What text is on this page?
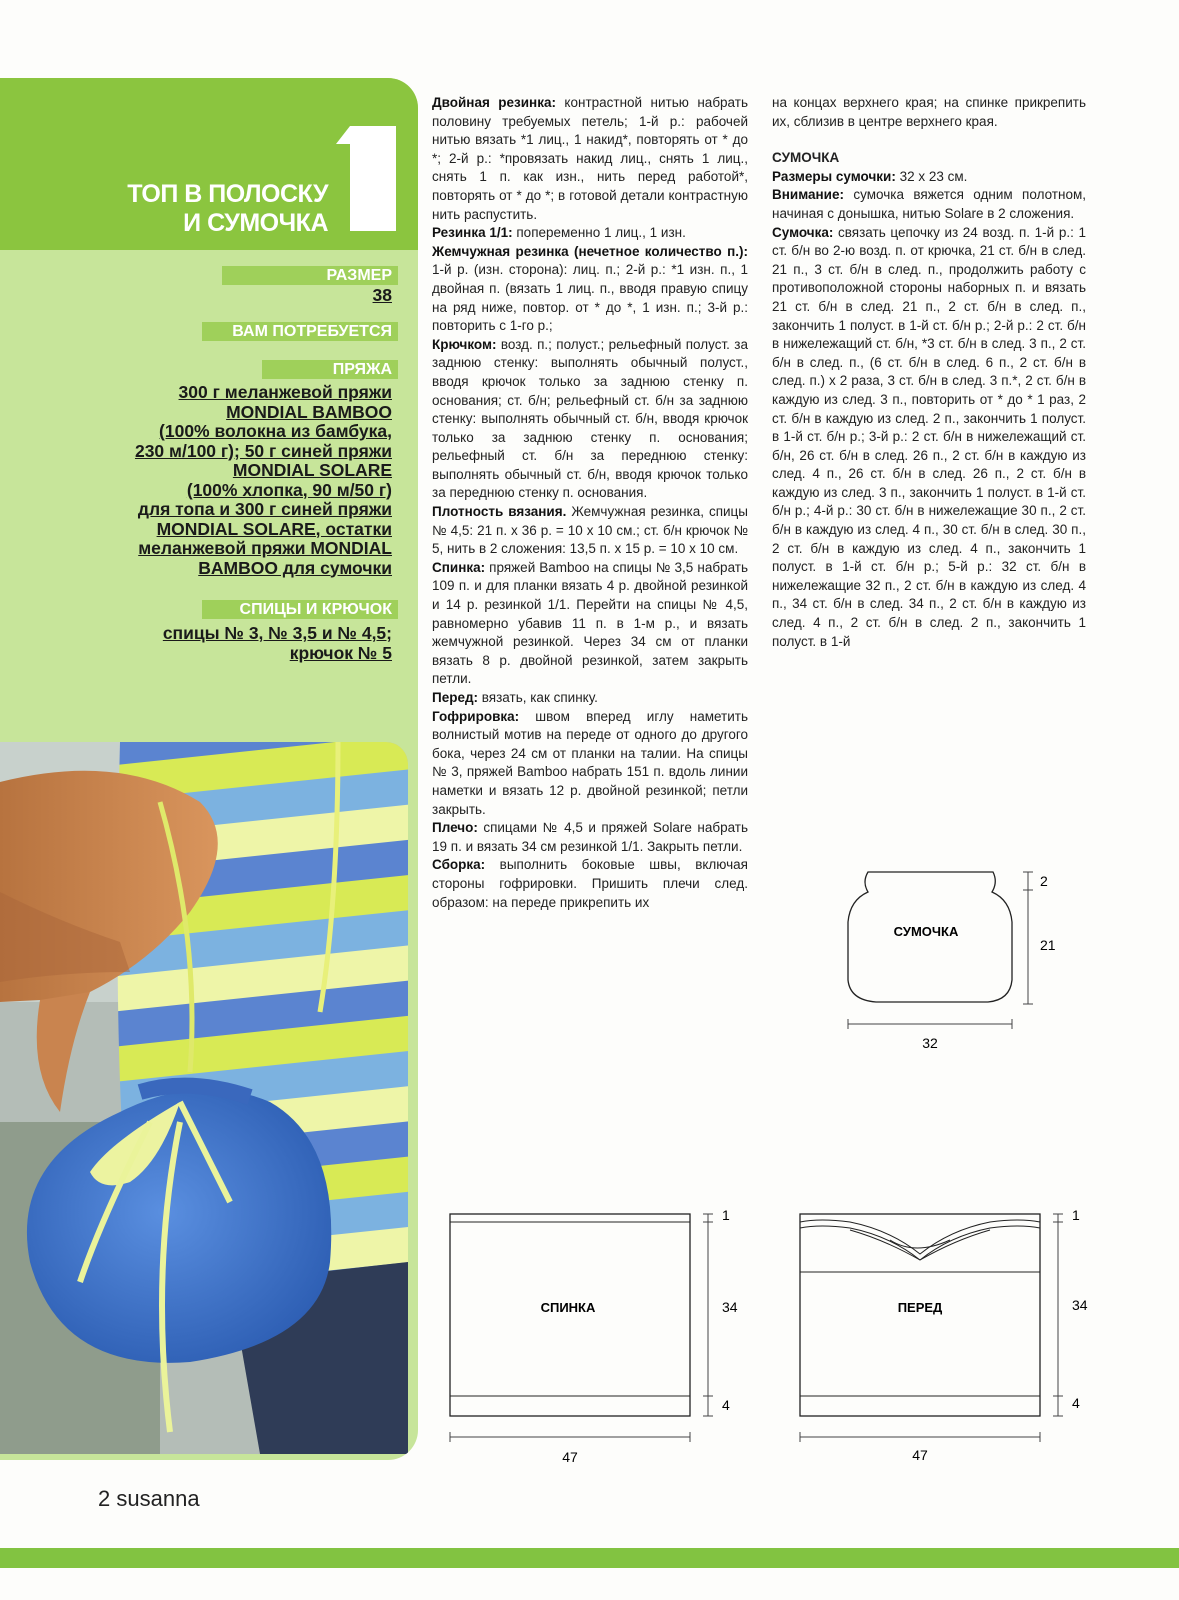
ТОП В ПОЛОСКУ
И СУМОЧКА
РАЗМЕР
38
ВАМ ПОТРЕБУЕТСЯ
ПРЯЖА
300 г меланжевой пряжи
MONDIAL BAMBOO
(100% волокна из бамбука,
230 м/100 г); 50 г синей пряжи
MONDIAL SOLARE
(100% хлопка, 90 м/50 г)
для топа и 300 г синей пряжи
MONDIAL SOLARE, остатки
меланжевой пряжи MONDIAL
BAMBOO для сумочки
СПИЦЫ И КРЮЧОК
спицы № 3, № 3,5 и № 4,5;
крючок № 5

Двойная резинка: контрастной нитью набрать половину требуемых петель; 1-й р.: рабочей нитью вязать *1 лиц., 1 накид*, повторять от * до *; 2-й р.: *провязать накид лиц., снять 1 лиц., снять 1 п. как изн., нить перед работой*, повторять от * до *; в готовой детали контрастную нить распустить.

Резинка 1/1: попеременно 1 лиц., 1 изн.

Жемчужная резинка (нечетное количество п.): 1-й р. (изн. сторона): лиц. п.; 2-й р.: *1 изн. п., 1 двойная п. (вязать 1 лиц. п., вводя правую спицу на ряд ниже, повтор. от * до *, 1 изн. п.; 3-й р.: повторить с 1-го р.;

Крючком: возд. п.; полуст.; рельефный полуст. за заднюю стенку: выполнять обычный полуст., вводя крючок только за заднюю стенку п. основания; ст. б/н; рельефный ст. б/н за заднюю стенку: выполнять обычный ст. б/н, вводя крючок только за заднюю стенку п. основания; рельефный ст. б/н за переднюю стенку: выполнять обычный ст. б/н, вводя крючок только за переднюю стенку п. основания.

Плотность вязания. Жемчужная резинка, спицы № 4,5: 21 п. х 36 р. = 10 х 10 см.; ст. б/н крючок № 5, нить в 2 сложения: 13,5 п. х 15 р. = 10 х 10 см.

Спинка: пряжей Bamboo на спицы № 3,5 набрать 109 п. и для планки вязать 4 р. двойной резинкой и 14 р. резинкой 1/1. Перейти на спицы № 4,5, равномерно убавив 11 п. в 1-м р., и вязать жемчужной резинкой. Через 34 см от планки вязать 8 р. двойной резинкой, затем закрыть петли.

Перед: вязать, как спинку.

Гофрировка: швом вперед иглу наметить волнистый мотив на переде от одного до другого бока, через 24 см от планки на талии. На спицы № 3, пряжей Bamboo набрать 151 п. вдоль линии наметки и вязать 12 р. двойной резинкой; петли закрыть.

Плечо: спицами № 4,5 и пряжей Solare набрать 19 п. и вязать 34 см резинкой 1/1. Закрыть петли.

Сборка: выполнить боковые швы, включая стороны гофрировки. Пришить плечи след. образом: на переде прикрепить их

на концах верхнего края; на спинке прикрепить их, сблизив в центре верхнего края.

СУМОЧКА

Размеры сумочки: 32 х 23 см.

Внимание: сумочка вяжется одним полотном, начиная с донышка, нитью Solare в 2 сложения.

Сумочка: связать цепочку из 24 возд. п. 1-й р.: 1 ст. б/н во 2-ю возд. п. от крючка, 21 ст. б/н в след. 21 п., 3 ст. б/н в след. п., продолжить работу с противоположной стороны наборных п. и вязать 21 ст. б/н в след. 21 п., 2 ст. б/н в след. п., закончить 1 полуст. в 1-й ст. б/н р.; 2-й р.: 2 ст. б/н в нижележащий ст. б/н, *3 ст. б/н в след. 3 п., 2 ст. б/н в след. п., (6 ст. б/н в след. 6 п., 2 ст. б/н в след. п.) х 2 раза, 3 ст. б/н в след. 3 п.*, 2 ст. б/н в каждую из след. 3 п., повторить от * до * 1 раз, 2 ст. б/н в каждую из след. 2 п., закончить 1 полуст. в 1-й ст. б/н р.; 3-й р.: 2 ст. б/н в нижележащий ст. б/н, 26 ст. б/н в след. 26 п., 2 ст. б/н в каждую из след. 4 п., 26 ст. б/н в след. 26 п., 2 ст. б/н в каждую из след. 3 п., закончить 1 полуст. в 1-й ст. б/н р.; 4-й р.: 30 ст. б/н в нижележащие 30 п., 2 ст. б/н в каждую из след. 4 п., 30 ст. б/н в след. 30 п., 2 ст. б/н в каждую из след. 4 п., закончить 1 полуст. в 1-й ст. б/н р.; 5-й р.: 32 ст. б/н в нижележащие 32 п., 2 ст. б/н в каждую из след. 4 п., 34 ст. б/н в след. 34 п., 2 ст. б/н в каждую из след. 4 п., 2 ст. б/н в след. 2 п., закончить 1 полуст. в 1-й

СУМОЧКА
2
21
32
СПИНКА
1
34
4
47
ПЕРЕД
1
34
4
47
2 susanna
